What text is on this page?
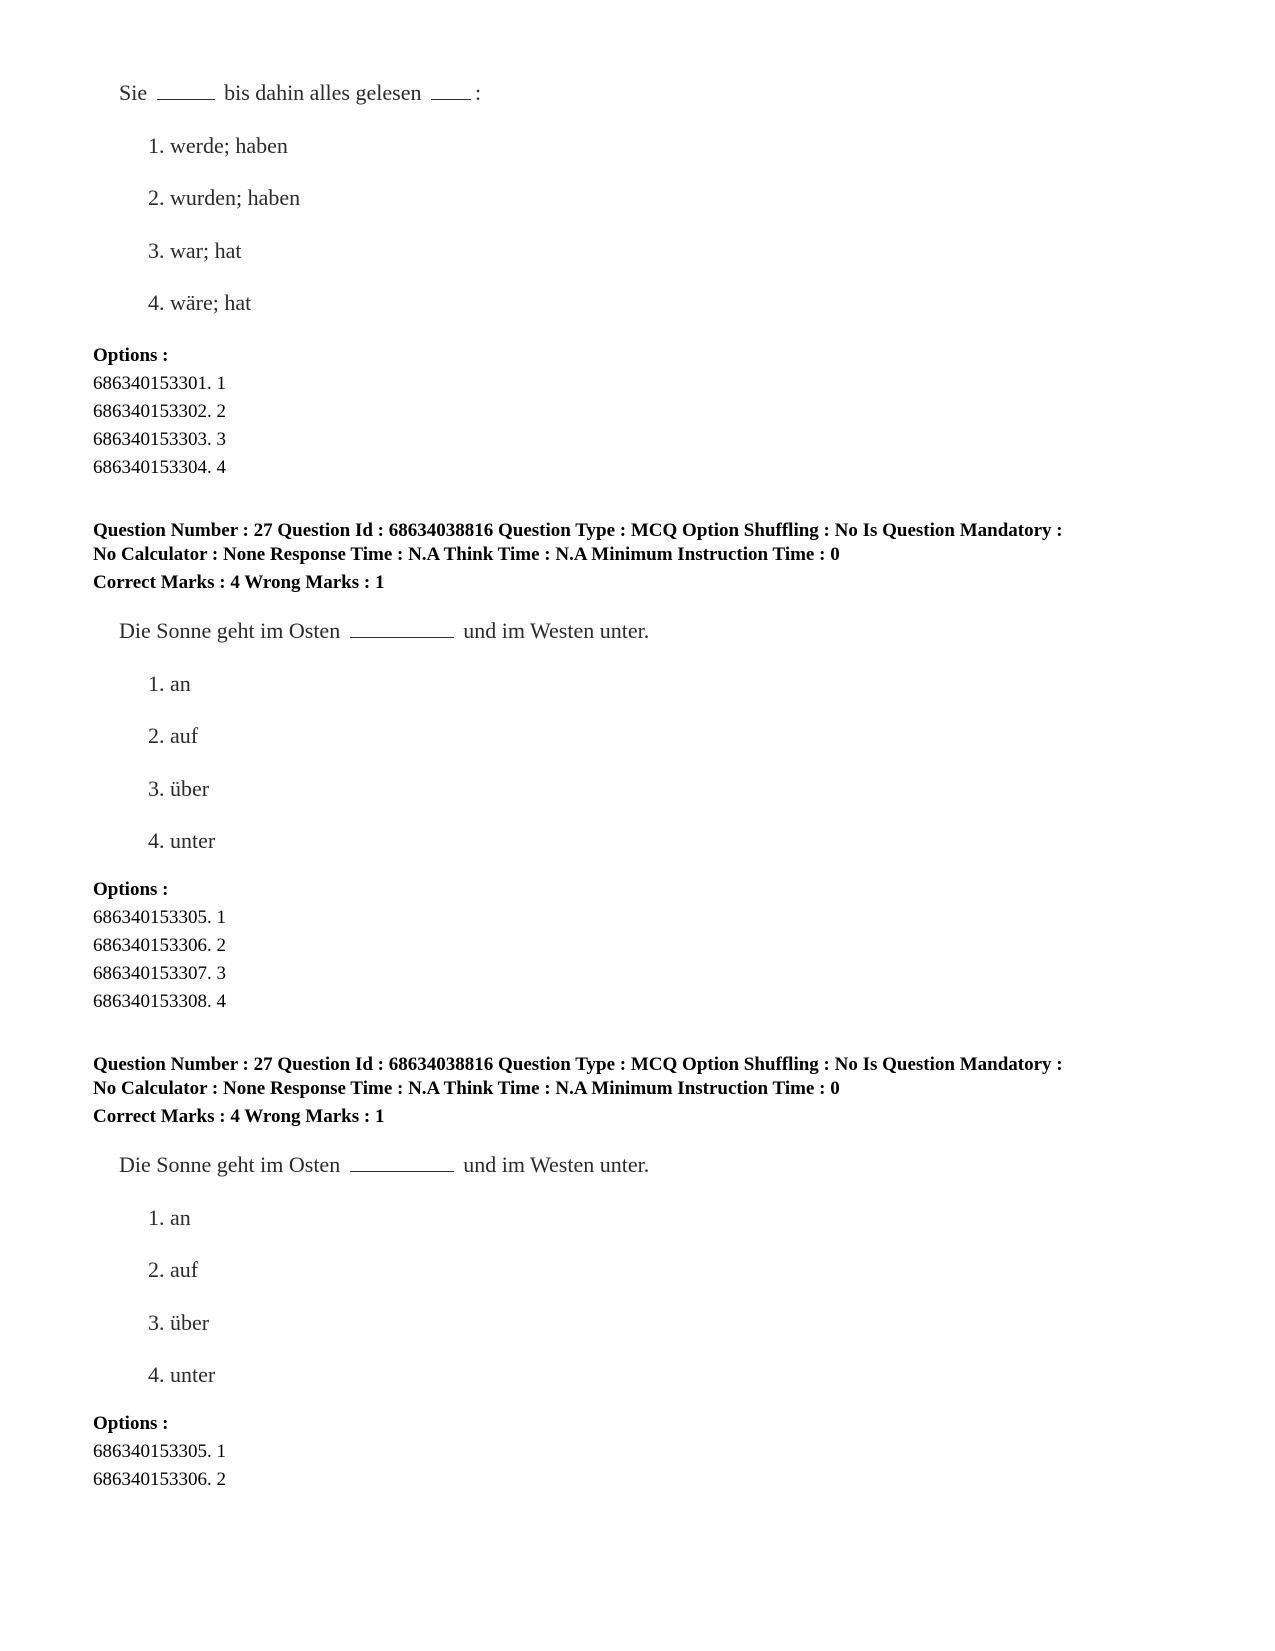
Sie	bis dahin alles gelesen :
1. werde; haben
2. wurden; haben
3. war; hat
4. wäre; hat
Options :
686340153301. 1
686340153302. 2
686340153303. 3
686340153304. 4
Question Number : 27 Question Id : 68634038816 Question Type : MCQ Option Shuffling : No Is Question Mandatory :
No Calculator : None Response Time : N.A Think Time : N.A Minimum Instruction Time : 0
Correct Marks : 4 Wrong Marks : 1
Die Sonne geht im Osten	und im Westen unter.
1. an
2. auf
3. über
4. unter
Options :
686340153305. 1
686340153306. 2
686340153307. 3
686340153308. 4
Question Number : 27 Question Id : 68634038816 Question Type : MCQ Option Shuffling : No Is Question Mandatory :
No Calculator : None Response Time : N.A Think Time : N.A Minimum Instruction Time : 0
Correct Marks : 4 Wrong Marks : 1
Die Sonne geht im Osten	und im Westen unter.
1. an
2. auf
3. über
4. unter
Options :
686340153305. 1
686340153306. 2
